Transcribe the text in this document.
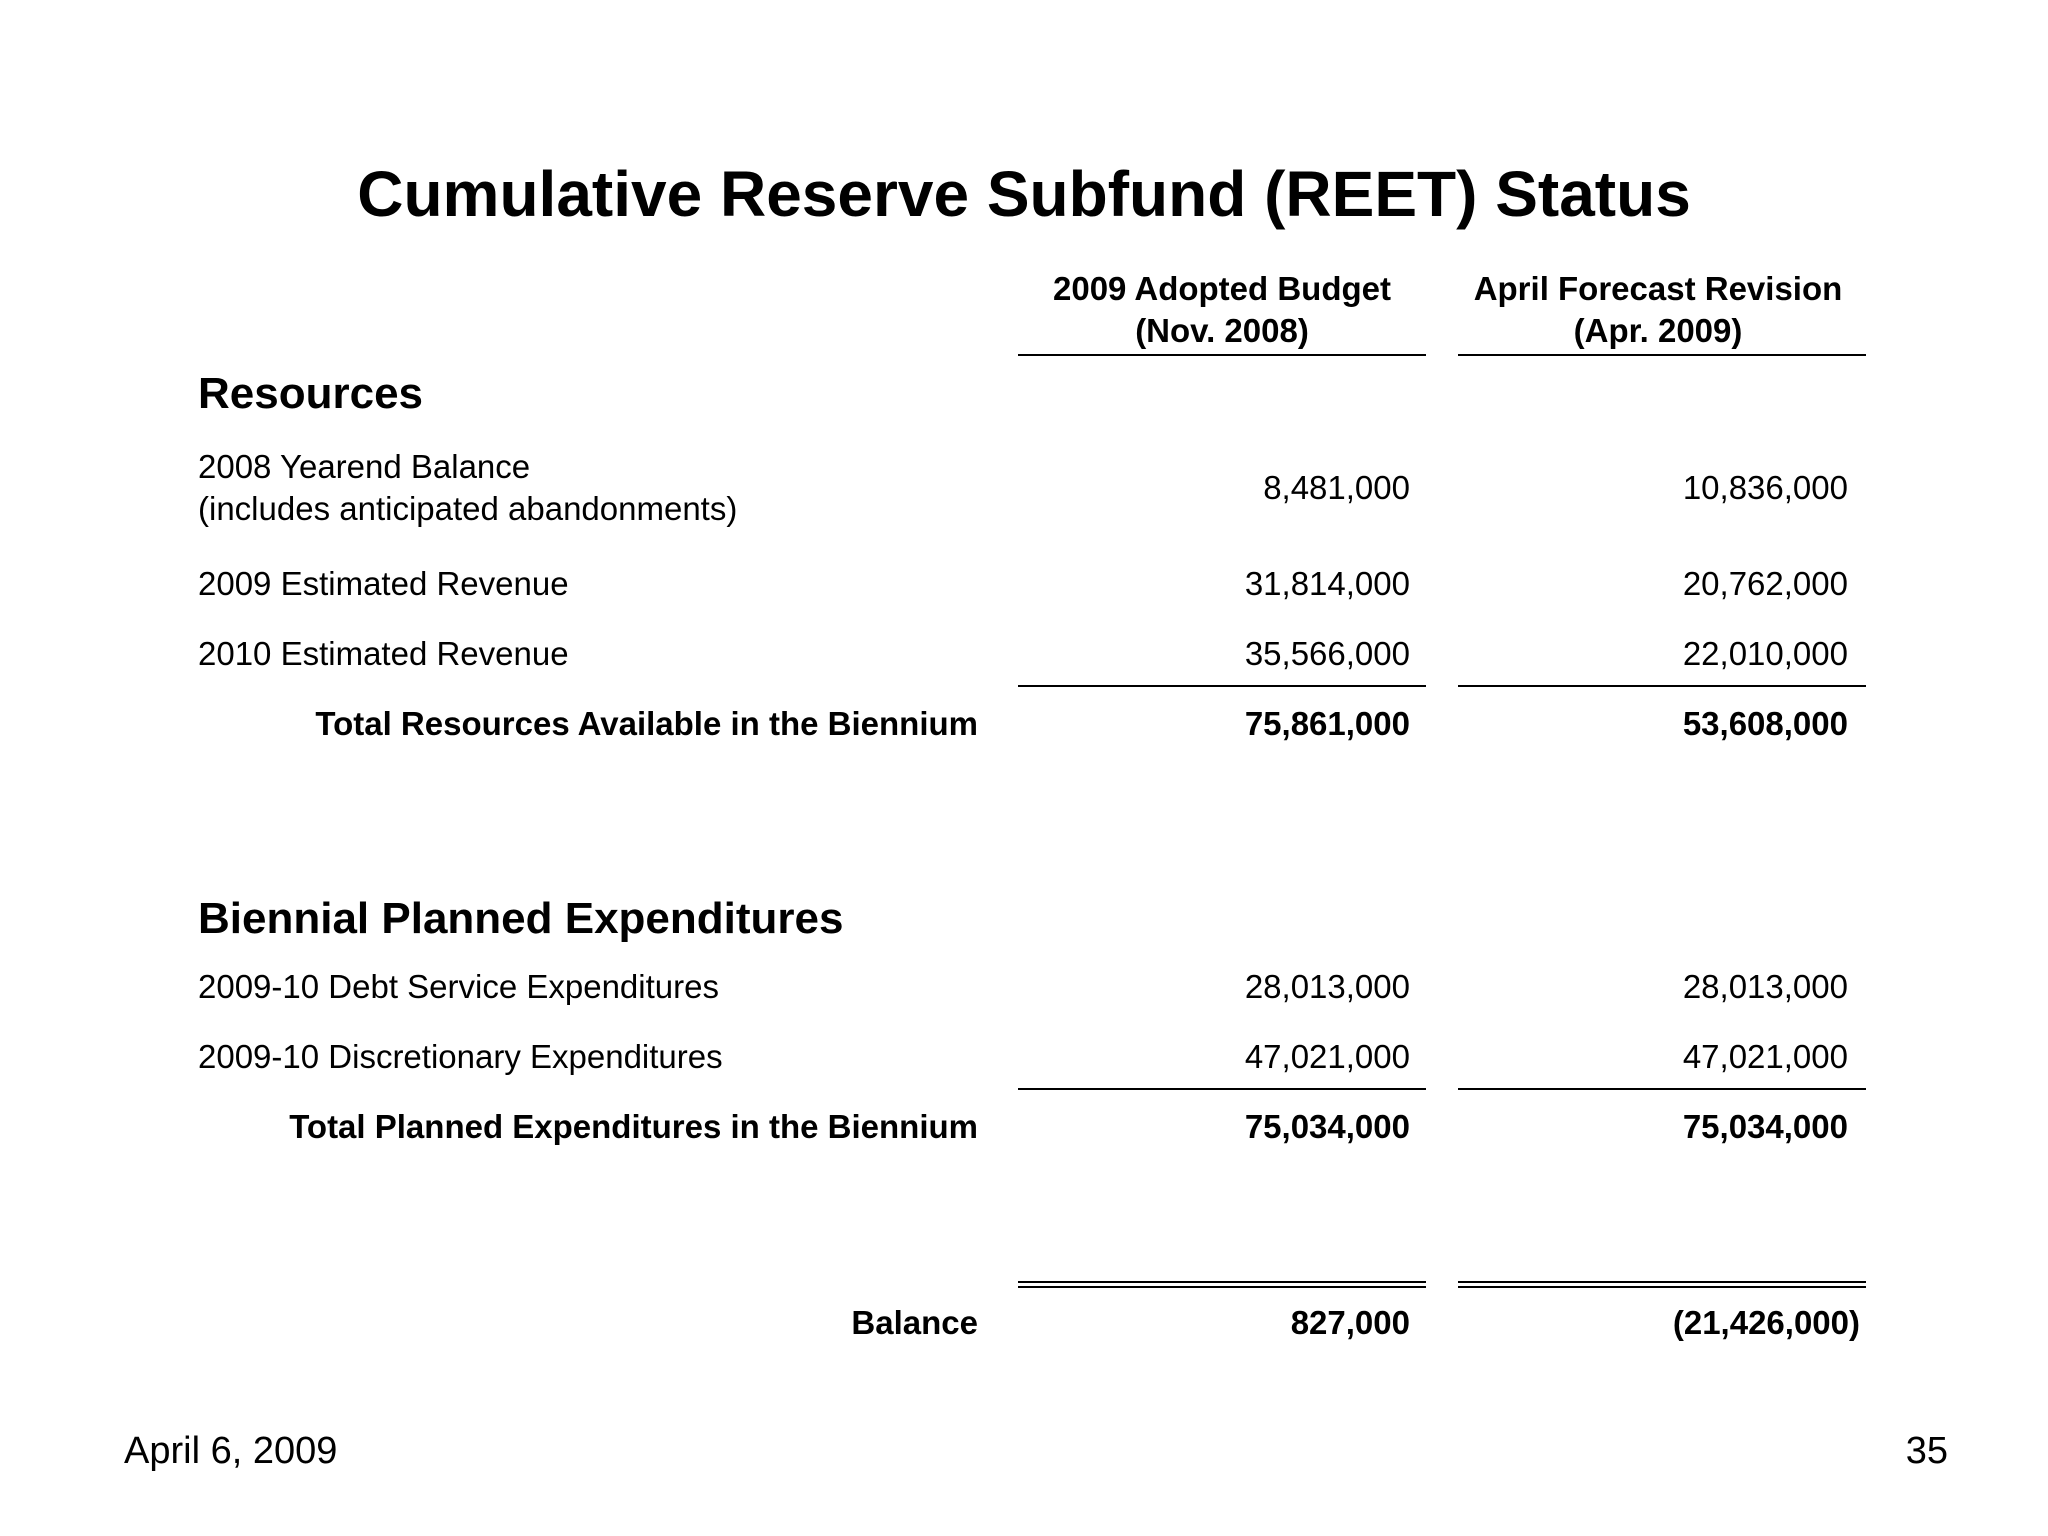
Cumulative Reserve Subfund (REET) Status
2009 Adopted Budget
(Nov. 2008)
April Forecast Revision
(Apr. 2009)
Resources
2008 Yearend Balance
(includes anticipated abandonments)
8,481,000	10,836,000
2009 Estimated Revenue	31,814,000	20,762,000
2010 Estimated Revenue	35,566,000	22,010,000
Total Resources Available in the Biennium	75,861,000	53,608,000
Biennial Planned Expenditures
2009-10 Debt Service Expenditures	28,013,000	28,013,000
2009-10 Discretionary Expenditures	47,021,000	47,021,000
Total Planned Expenditures in the Biennium	75,034,000	75,034,000
Balance	827,000	(21,426,000)
April 6, 2009	35
